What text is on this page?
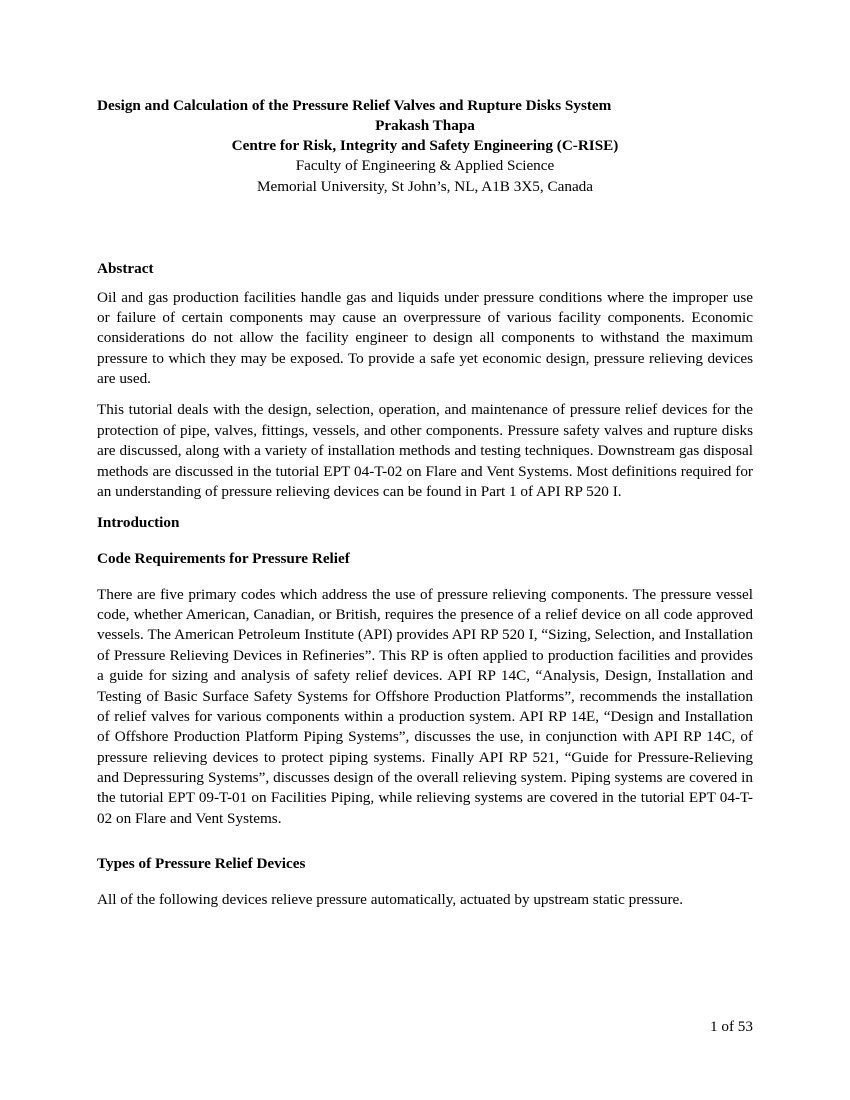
Design and Calculation of the Pressure Relief Valves and Rupture Disks System

Prakash Thapa

Centre for Risk, Integrity and Safety Engineering (C-RISE)

Faculty of Engineering & Applied Science

Memorial University, St John’s, NL, A1B 3X5, Canada

Abstract

Oil and gas production facilities handle gas and liquids under pressure conditions where the improper use or failure of certain components may cause an overpressure of various facility components. Economic considerations do not allow the facility engineer to design all components to withstand the maximum pressure to which they may be exposed. To provide a safe yet economic design, pressure relieving devices are used.

This tutorial deals with the design, selection, operation, and maintenance of pressure relief devices for the protection of pipe, valves, fittings, vessels, and other components. Pressure safety valves and rupture disks are discussed, along with a variety of installation methods and testing techniques. Downstream gas disposal methods are discussed in the tutorial EPT 04-T-02 on Flare and Vent Systems. Most definitions required for an understanding of pressure relieving devices can be found in Part 1 of API RP 520 I.

Introduction
Code Requirements for Pressure Relief

There are five primary codes which address the use of pressure relieving components. The pressure vessel code, whether American, Canadian, or British, requires the presence of a relief device on all code approved vessels. The American Petroleum Institute (API) provides API RP 520 I, “Sizing, Selection, and Installation of Pressure Relieving Devices in Refineries”. This RP is often applied to production facilities and provides a guide for sizing and analysis of safety relief devices. API RP 14C, “Analysis, Design, Installation and Testing of Basic Surface Safety Systems for Offshore Production Platforms”, recommends the installation of relief valves for various components within a production system. API RP 14E, “Design and Installation of Offshore Production Platform Piping Systems”, discusses the use, in conjunction with API RP 14C, of pressure relieving devices to protect piping systems. Finally API RP 521, “Guide for Pressure-Relieving and Depressuring Systems”, discusses design of the overall relieving system. Piping systems are covered in the tutorial EPT 09-T-01 on Facilities Piping, while relieving systems are covered in the tutorial EPT 04-T-02 on Flare and Vent Systems.

Types of Pressure Relief Devices

All of the following devices relieve pressure automatically, actuated by upstream static pressure.

1 of 53
